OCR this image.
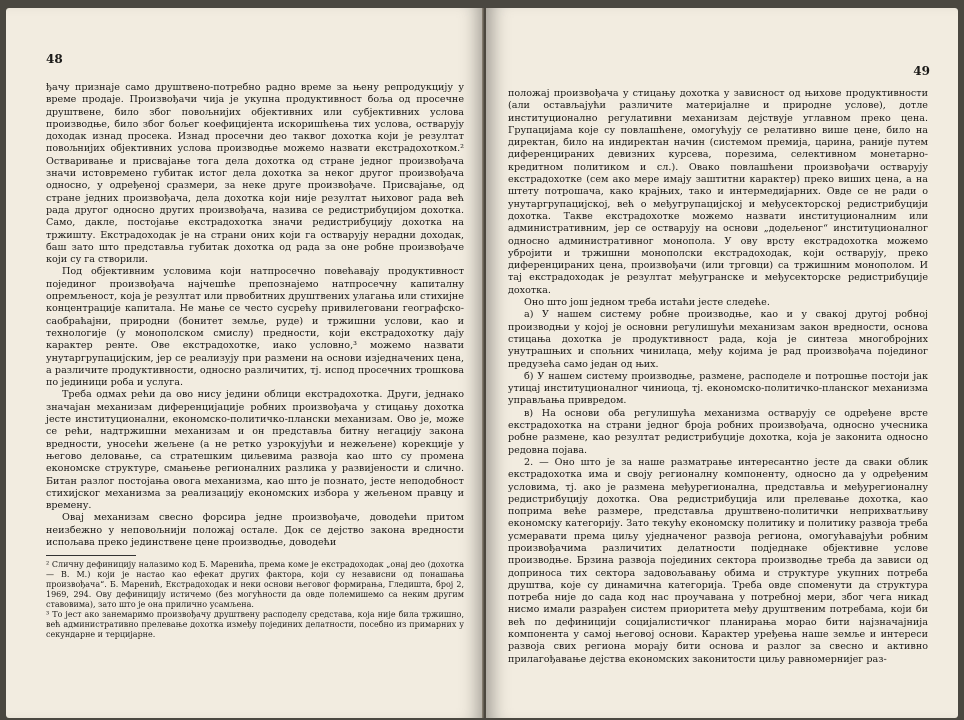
48

ђачу признаје само друштвено-потребно радно време за њену репродукцију у време продаје. Произвођачи чија је укупна продуктивност боља од просечне друштвене, било због повољнијих објективних или субјективних услова производње, било због бољег коефицијента искоришћења тих услова, остварују доходак изнад просека. Изнад просечни део таквог дохотка који је резултат повољнијих објективних услова производње можемо назвати екстрадохотком.² Остваривање и присвајање тога дела дохотка од стране једног произвођача значи истовремено губитак истог дела дохотка за неког другог произвођача односно, у одређеној сразмери, за неке друге произвођаче. Присвајање, од стране једних произвођача, дела дохотка који није резултат њиховог рада већ рада другог односно других произвођача, назива се редистрибуцијом дохотка. Само, дакле, постојање екстрадохотка значи редистрибуцију дохотка на тржишту. Екстрадоходак је на страни оних који га остварују нерадни доходак, баш зато што представља губитак дохотка од рада за оне робне произвођаче који су га створили.

Под објективним условима који натпросечно повећавају продуктивност појединог произвођача најчешће препознајемо натпросечну капиталну опремљеност, која је резултат или првобитних друштвених улагања или стихијне концентрације капитала. Не мање се често сусрећу привилеговани географско-саобраћајни, природни (бонитет земље, руде) и тржишни услови, као и технологије (у монополском смислу) предности, који екстрадохотку дају карактер ренте. Ове екстрадохотке, иако условно,³ можемо назвати унутаргрупацијским, јер се реализују при размени на основи изједначених цена, а различите продуктивности, односно различитих, тј. испод просечних трошкова по јединици роба и услуга.

Треба одмах рећи да ово нису једини облици екстрадохотка. Други, једнако значајан механизам диференцијације робних произвођача у стицању дохотка јесте институционални, економско-политичко-плански механизам. Ово је, може се рећи, надтржишни механизам и он представља битну негацију закона вредности, уносећи жељене (а не ретко узрокујући и нежељене) корекције у његово деловање, са стратешким циљевима развоја као што су промена економске структуре, смањење регионалних разлика у развијености и слично. Битан разлог постојања овога механизма, као што је познато, јесте неподобност стихијског механизма за реализацију економских избора у жељеном правцу и времену.

Овај механизам свесно форсира једне произвођаче, доводећи притом неизбежно у неповољнији положај остале. Док се дејство закона вредности испољава преко јединствене цене производње, доводећи

² Сличну дефиницију налазимо код Б. Маренића, према коме је екстрадоходак „онај део (дохотка — В. М.) који је настао као ефекат других фактора, који су независни од понашања произвођача“. Б. Маренић, Екстрадоходак и неки основи његовог формирања, Гледишта, број 2, 1969, 294. Ову дефиницију истичемо (без могућности да овде полемишемо са неким другим ставовима), зато што је она прилично усамљена.

³ То јест ако занемаримо произвођачу друштвену расподелу средстава, која није била тржишно, већ административно прелевање дохотка између појединих делатности, посебно из примарних у секундарне и терцијарне.

49

положај произвођача у стицању дохотка у зависност од њихове продуктивности (али остављајући различите материјалне и природне услове), дотле институционално регулативни механизам дејствује углавном преко цена. Групацијама које су повлашћене, омогућују се релативно више цене, било на директан, било на индиректан начин (системом премија, царина, раније путем диференцираних девизних курсева, порезима, селективном монетарно-кредитном политиком и сл.). Овако повлашћени произвођачи остварују екстрадохотке (сем ако мере имају заштитни карактер) преко виших цена, а на штету потрошача, како крајњих, тако и интермедијарних. Овде се не ради о унутаргрупацијској, већ о међугрупацијској и међусекторској редистрибуцији дохотка. Такве екстрадохотке можемо назвати институционалним или административним, јер се остварују на основи „додељеног“ институционалног односно административног монопола. У ову врсту екстрадохотка можемо убројити и тржишни монополски екстрадоходак, који остварују, преко диференцираних цена, произвођачи (или трговци) са тржишним монополом. И тај екстрадоходак је резултат међугранске и међусекторске редистрибуције дохотка.

Оно што још једном треба истаћи јесте следеће.

а) У нашем систему робне производње, као и у свакој другој робној производњи у којој је основни регулишући механизам закон вредности, основа стицања дохотка је продуктивност рада, која је синтеза многобројних унутрашњих и спољних чинилаца, међу којима је рад произвођача појединог предузећа само један од њих.

б) У нашем систему производње, размене, расподеле и потрошње постоји јак утицај институционалног чиниоца, тј. економско-политичко-планског механизма управљања привредом.

в) На основи оба регулишућа механизма остварују се одређене врсте екстрадохотка на страни једног броја робних произвођача, односно учесника робне размене, као резултат редистрибуције дохотка, која је законита односно редовна појава.

2. — Оно што је за наше разматрање интересантно јесте да сваки облик екстрадохотка има и своју регионалну компоненту, односно да у одређеним условима, тј. ако је размена међурегионална, представља и међурегионалну редистрибуцију дохотка. Ова редистрибуција или прелевање дохотка, као поприма веће размере, представља друштвено-политички неприхватљиву економску категорију. Зато текућу економску политику и политику развоја треба усмеравати према циљу уједначеног развоја региона, омогућавајући робним произвођачима различитих делатности подједнаке објективне услове производње. Брзина развоја појединих сектора производње треба да зависи од доприноса тих сектора задовољавању обима и структуре укупних потреба друштва, које су динамична категорија. Треба овде споменути да структура потреба није до сада код нас проучавана у потребној мери, због чега никад нисмо имали разрађен систем приоритета међу друштвеним потребама, који би већ по дефиницији социјалистичког планирања морао бити најзначајнија компонента у самој његовој основи. Карактер уређења наше земље и интереси развоја свих региона морају бити основа и разлог за свесно и активно прилагођавање дејства економских законитости циљу равномернијег раз-
